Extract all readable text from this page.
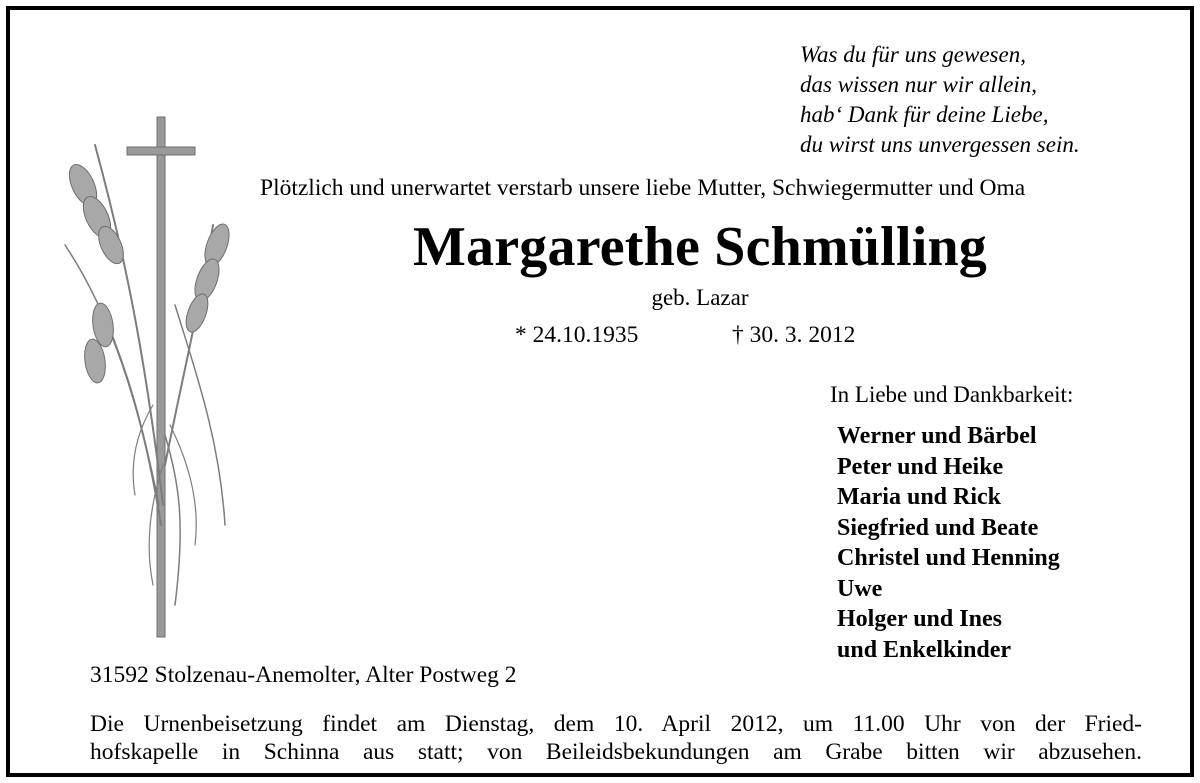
Was du für uns gewesen,
das wissen nur wir allein,
hab‘ Dank für deine Liebe,
du wirst uns unvergessen sein.
Plötzlich und unerwartet verstarb unsere liebe Mutter, Schwiegermutter und Oma
Margarethe Schmülling
geb. Lazar
* 24.10.1935	† 30. 3. 2012
In Liebe und Dankbarkeit:
Werner und Bärbel
Peter und Heike
Maria und Rick
Siegfried und Beate
Christel und Henning
Uwe
Holger und Ines
und Enkelkinder
31592 Stolzenau-Anemolter, Alter Postweg 2
Die Urnenbeisetzung findet am Dienstag, dem 10. April 2012, um 11.00 Uhr von der Fried-
hofskapelle in Schinna aus statt; von Beileidsbekundungen am Grabe bitten wir abzusehen.
